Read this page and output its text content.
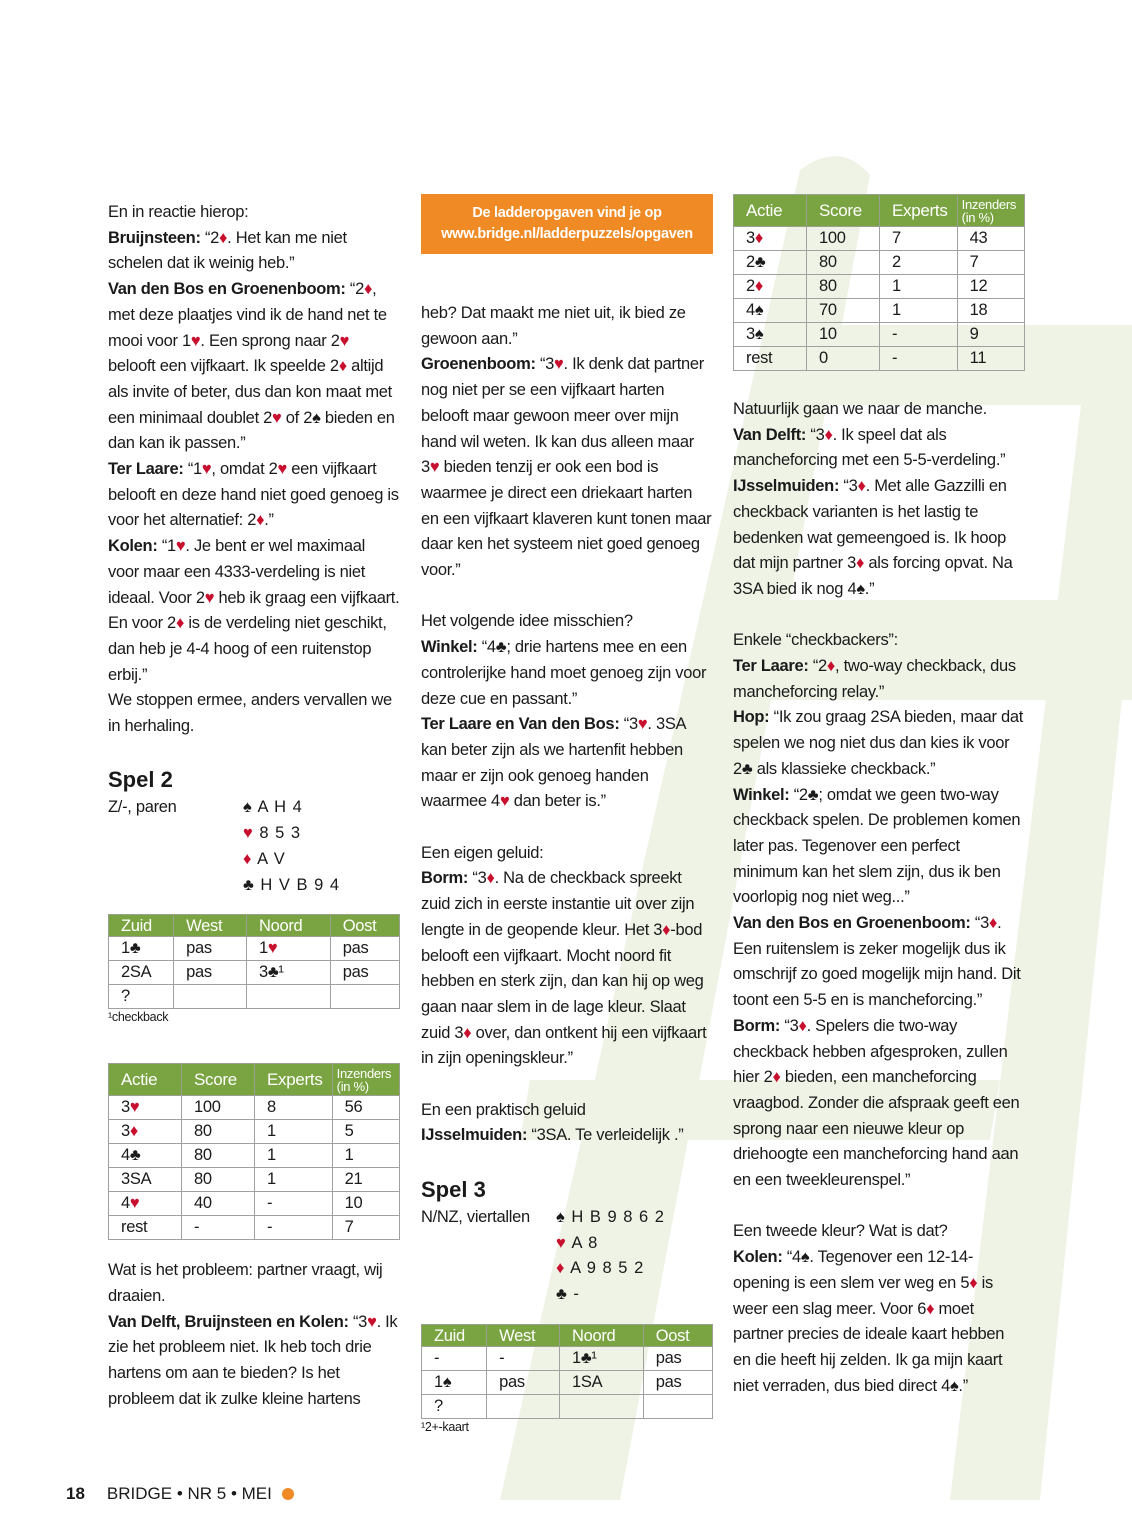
En in reactie hierop:

Bruijnsteen: “2♦. Het kan me niet schelen dat ik weinig heb.”

Van den Bos en Groenenboom: “2♦, met deze plaatjes vind ik de hand net te mooi voor 1♥. Een sprong naar 2♥ belooft een vijfkaart. Ik speelde 2♦ altijd als invite of beter, dus dan kon maat met een minimaal doublet 2♥ of 2♠ bieden en dan kan ik passen.”

Ter Laare: “1♥, omdat 2♥ een vijfkaart belooft en deze hand niet goed genoeg is voor het alternatief: 2♦.”

Kolen: “1♥. Je bent er wel maximaal voor maar een 4333-verdeling is niet ideaal. Voor 2♥ heb ik graag een vijfkaart. En voor 2♦ is de verdeling niet geschikt, dan heb je 4-4 hoog of een ruitenstop erbij.”

We stoppen ermee, anders vervallen we in herhaling.

Spel 2
Z/-, paren	♠ A H 4
♥ 8 5 3
♦ A V
♣ H V B 9 4
Zuid	West	Noord	Oost
1♣	pas	1♥	pas
2SA	pas	3♣¹	pas
?			
¹checkback
Actie	Score	Experts	Inzenders
(in %)
3♥	100	8	56
3♦	80	1	5
4♣	80	1	1
3SA	80	1	21
4♥	40	-	10
rest	-	-	7

Wat is het probleem: partner vraagt, wij draaien.

Van Delft, Bruijnsteen en Kolen: “3♥. Ik zie het probleem niet. Ik heb toch drie hartens om aan te bieden? Is het probleem dat ik zulke kleine hartens

De ladderopgaven vind je op
www.bridge.nl/ladderpuzzels/opgaven

heb? Dat maakt me niet uit, ik bied ze gewoon aan.”

Groenenboom: “3♥. Ik denk dat partner nog niet per se een vijfkaart harten belooft maar gewoon meer over mijn hand wil weten. Ik kan dus alleen maar 3♥ bieden tenzij er ook een bod is waarmee je direct een driekaart harten en een vijfkaart klaveren kunt tonen maar daar ken het systeem niet goed genoeg voor.”

Het volgende idee misschien?

Winkel: “4♣; drie hartens mee en een controlerijke hand moet genoeg zijn voor deze cue en passant.”

Ter Laare en Van den Bos: “3♥. 3SA kan beter zijn als we hartenfit hebben maar er zijn ook genoeg handen waarmee 4♥ dan beter is.”

Een eigen geluid:

Borm: “3♦. Na de checkback spreekt zuid zich in eerste instantie uit over zijn lengte in de geopende kleur. Het 3♦-bod belooft een vijfkaart. Mocht noord fit hebben en sterk zijn, dan kan hij op weg gaan naar slem in de lage kleur. Slaat zuid 3♦ over, dan ontkent hij een vijfkaart in zijn openingskleur.”

En een praktisch geluid

IJsselmuiden: “3SA. Te verleidelijk .”

Spel 3
N/NZ, viertallen	♠ H B 9 8 6 2
♥ A 8
♦ A 9 8 5 2
♣ -
Zuid	West	Noord	Oost
-	-	1♣¹	pas
1♠	pas	1SA	pas
?			
¹2+-kaart
Actie	Score	Experts	Inzenders
(in %)
3♦	100	7	43
2♣	80	2	7
2♦	80	1	12
4♠	70	1	18
3♠	10	-	9
rest	0	-	11

Natuurlijk gaan we naar de manche.

Van Delft: “3♦. Ik speel dat als mancheforcing met een 5-5-verdeling.”

IJsselmuiden: “3♦. Met alle Gazzilli en checkback varianten is het lastig te bedenken wat gemeengoed is. Ik hoop dat mijn partner 3♦ als forcing opvat. Na 3SA bied ik nog 4♠.”

Enkele “checkbackers”:

Ter Laare: “2♦, two-way checkback, dus mancheforcing relay.”

Hop: “Ik zou graag 2SA bieden, maar dat spelen we nog niet dus dan kies ik voor 2♣ als klassieke checkback.”

Winkel: “2♣; omdat we geen two-way checkback spelen. De problemen komen later pas. Tegenover een perfect minimum kan het slem zijn, dus ik ben voorlopig nog niet weg...”

Van den Bos en Groenenboom: “3♦. Een ruitenslem is zeker mogelijk dus ik omschrijf zo goed mogelijk mijn hand. Dit toont een 5-5 en is mancheforcing.”

Borm: “3♦. Spelers die two-way checkback hebben afgesproken, zullen hier 2♦ bieden, een mancheforcing vraagbod. Zonder die afspraak geeft een sprong naar een nieuwe kleur op driehoogte een mancheforcing hand aan en een tweekleurenspel.”

Een tweede kleur? Wat is dat?

Kolen: “4♠. Tegenover een 12-14-opening is een slem ver weg en 5♦ is weer een slag meer. Voor 6♦ moet partner precies de ideale kaart hebben en die heeft hij zelden. Ik ga mijn kaart niet verraden, dus bied direct 4♠.”

18 BRIDGE • NR 5 • MEI
